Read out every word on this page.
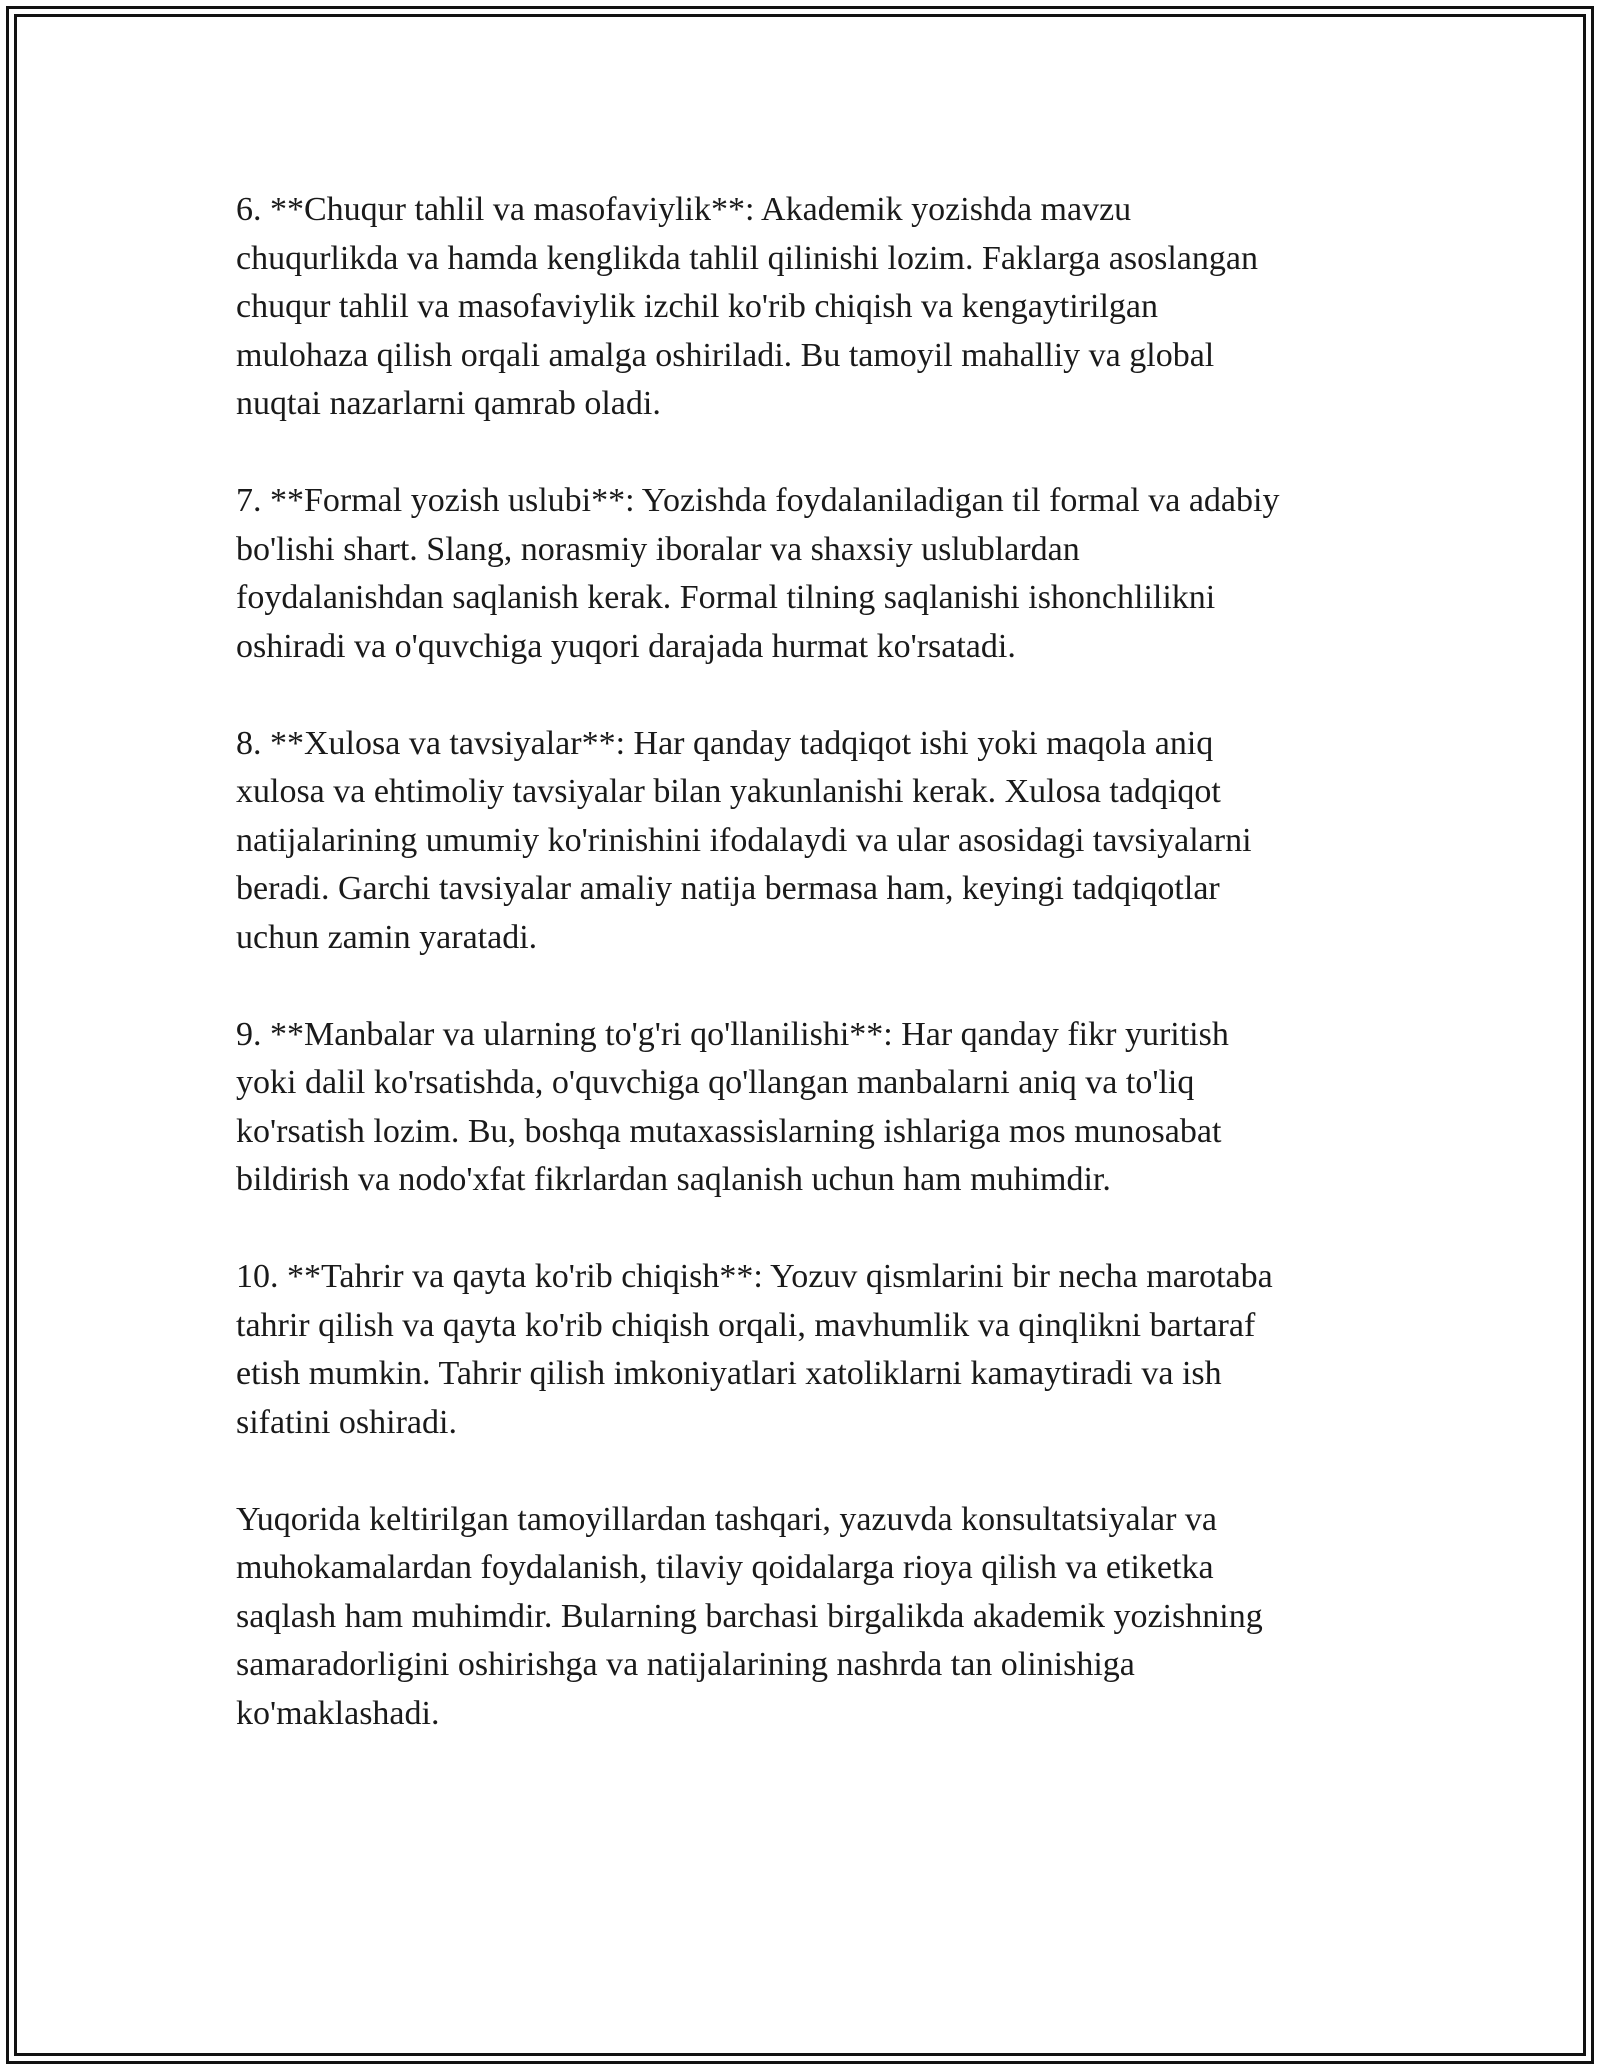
6. **Chuqur tahlil va masofaviylik**: Akademik yozishda mavzu
chuqurlikda va hamda kenglikda tahlil qilinishi lozim. Faklarga asoslangan
chuqur tahlil va masofaviylik izchil ko'rib chiqish va kengaytirilgan
mulohaza qilish orqali amalga oshiriladi. Bu tamoyil mahalliy va global
nuqtai nazarlarni qamrab oladi.

7. **Formal yozish uslubi**: Yozishda foydalaniladigan til formal va adabiy
bo'lishi shart. Slang, norasmiy iboralar va shaxsiy uslublardan
foydalanishdan saqlanish kerak. Formal tilning saqlanishi ishonchlilikni
oshiradi va o'quvchiga yuqori darajada hurmat ko'rsatadi.

8. **Xulosa va tavsiyalar**: Har qanday tadqiqot ishi yoki maqola aniq
xulosa va ehtimoliy tavsiyalar bilan yakunlanishi kerak. Xulosa tadqiqot
natijalarining umumiy ko'rinishini ifodalaydi va ular asosidagi tavsiyalarni
beradi. Garchi tavsiyalar amaliy natija bermasa ham, keyingi tadqiqotlar
uchun zamin yaratadi.

9. **Manbalar va ularning to'g'ri qo'llanilishi**: Har qanday fikr yuritish
yoki dalil ko'rsatishda, o'quvchiga qo'llangan manbalarni aniq va to'liq
ko'rsatish lozim. Bu, boshqa mutaxassislarning ishlariga mos munosabat
bildirish va nodo'xfat fikrlardan saqlanish uchun ham muhimdir.

10. **Tahrir va qayta ko'rib chiqish**: Yozuv qismlarini bir necha marotaba
tahrir qilish va qayta ko'rib chiqish orqali, mavhumlik va qinqlikni bartaraf
etish mumkin. Tahrir qilish imkoniyatlari xatoliklarni kamaytiradi va ish
sifatini oshiradi.

Yuqorida keltirilgan tamoyillardan tashqari, yazuvda konsultatsiyalar va
muhokamalardan foydalanish, tilaviy qoidalarga rioya qilish va etiketka
saqlash ham muhimdir. Bularning barchasi birgalikda akademik yozishning
samaradorligini oshirishga va natijalarining nashrda tan olinishiga
ko'maklashadi.
